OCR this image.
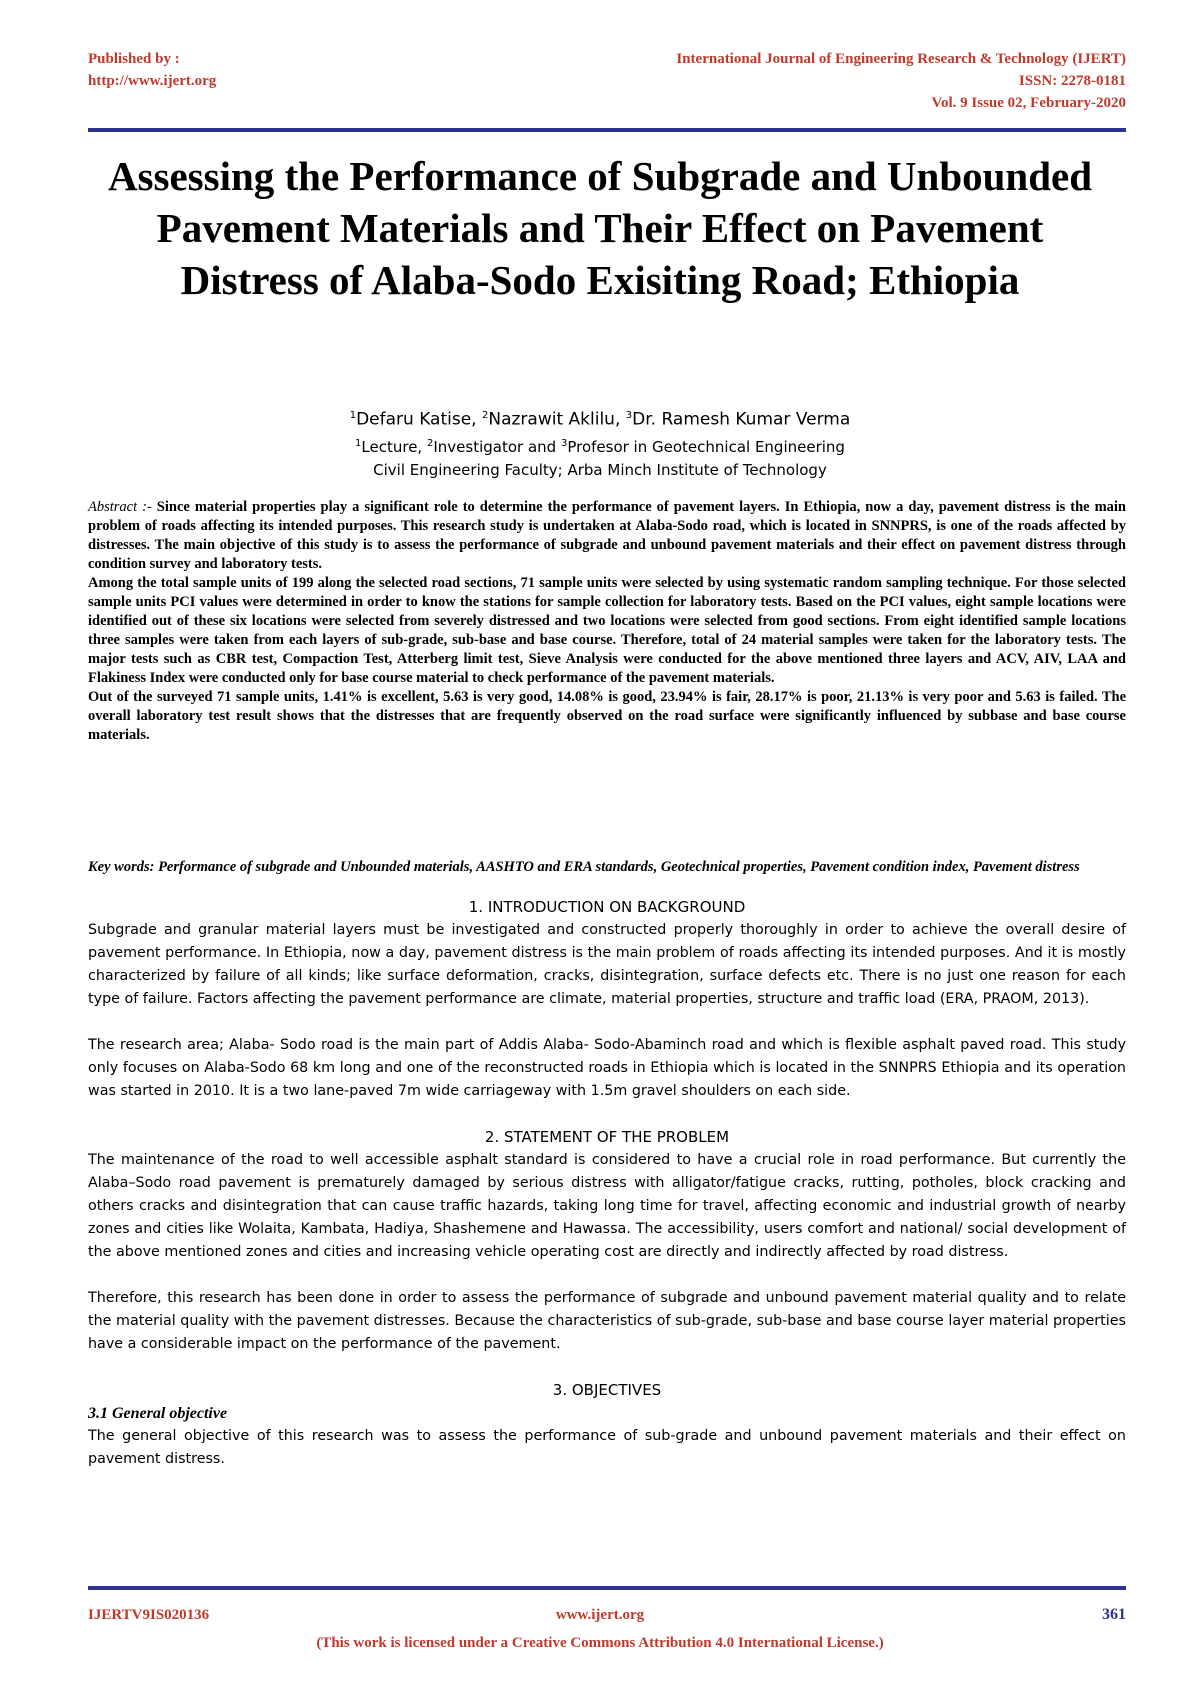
Published by :
http://www.ijert.org
International Journal of Engineering Research & Technology (IJERT)
ISSN: 2278-0181
Vol. 9 Issue 02, February-2020
Assessing the Performance of Subgrade and Unbounded Pavement Materials and Their Effect on Pavement Distress of Alaba-Sodo Exisiting Road; Ethiopia
$^1$Defaru Katise, $^2$Nazrawit Aklilu, $^3$Dr. Ramesh Kumar Verma
$^1$Lecture, $^2$Investigator and $^3$Profesor in Geotechnical Engineering
Civil Engineering Faculty; Arba Minch Institute of Technology

Abstract :- Since material properties play a significant role to determine the performance of pavement layers. In Ethiopia, now a day, pavement distress is the main problem of roads affecting its intended purposes. This research study is undertaken at Alaba-Sodo road, which is located in SNNPRS, is one of the roads affected by distresses. The main objective of this study is to assess the performance of subgrade and unbound pavement materials and their effect on pavement distress through condition survey and laboratory tests.

Among the total sample units of 199 along the selected road sections, 71 sample units were selected by using systematic random sampling technique. For those selected sample units PCI values were determined in order to know the stations for sample collection for laboratory tests. Based on the PCI values, eight sample locations were identified out of these six locations were selected from severely distressed and two locations were selected from good sections. From eight identified sample locations three samples were taken from each layers of sub-grade, sub-base and base course. Therefore, total of 24 material samples were taken for the laboratory tests. The major tests such as CBR test, Compaction Test, Atterberg limit test, Sieve Analysis were conducted for the above mentioned three layers and ACV, AIV, LAA and Flakiness Index were conducted only for base course material to check performance of the pavement materials.

Out of the surveyed 71 sample units, 1.41% is excellent, 5.63 is very good, 14.08% is good, 23.94% is fair, 28.17% is poor, 21.13% is very poor and 5.63 is failed. The overall laboratory test result shows that the distresses that are frequently observed on the road surface were significantly influenced by subbase and base course materials.

Key words: Performance of subgrade and Unbounded materials, AASHTO and ERA standards, Geotechnical properties, Pavement condition index, Pavement distress
1. INTRODUCTION ON BACKGROUND

Subgrade and granular material layers must be investigated and constructed properly thoroughly in order to achieve the overall desire of pavement performance. In Ethiopia, now a day, pavement distress is the main problem of roads affecting its intended purposes. And it is mostly characterized by failure of all kinds; like surface deformation, cracks, disintegration, surface defects etc. There is no just one reason for each type of failure. Factors affecting the pavement performance are climate, material properties, structure and traffic load (ERA, PRAOM, 2013).

The research area; Alaba- Sodo road is the main part of Addis Alaba- Sodo-Abaminch road and which is flexible asphalt paved road. This study only focuses on Alaba-Sodo 68 km long and one of the reconstructed roads in Ethiopia which is located in the SNNPRS Ethiopia and its operation was started in 2010. It is a two lane-paved 7m wide carriageway with 1.5m gravel shoulders on each side.

2. STATEMENT OF THE PROBLEM

The maintenance of the road to well accessible asphalt standard is considered to have a crucial role in road performance. But currently the Alaba–Sodo road pavement is prematurely damaged by serious distress with alligator/fatigue cracks, rutting, potholes, block cracking and others cracks and disintegration that can cause traffic hazards, taking long time for travel, affecting economic and industrial growth of nearby zones and cities like Wolaita, Kambata, Hadiya, Shashemene and Hawassa. The accessibility, users comfort and national/ social development of the above mentioned zones and cities and increasing vehicle operating cost are directly and indirectly affected by road distress.

Therefore, this research has been done in order to assess the performance of subgrade and unbound pavement material quality and to relate the material quality with the pavement distresses. Because the characteristics of sub-grade, sub-base and base course layer material properties have a considerable impact on the performance of the pavement.

3. OBJECTIVES
3.1 General objective

The general objective of this research was to assess the performance of sub-grade and unbound pavement materials and their effect on pavement distress.

www.ijert.org
IJERTV9IS020136	361
(This work is licensed under a Creative Commons Attribution 4.0 International License.)
